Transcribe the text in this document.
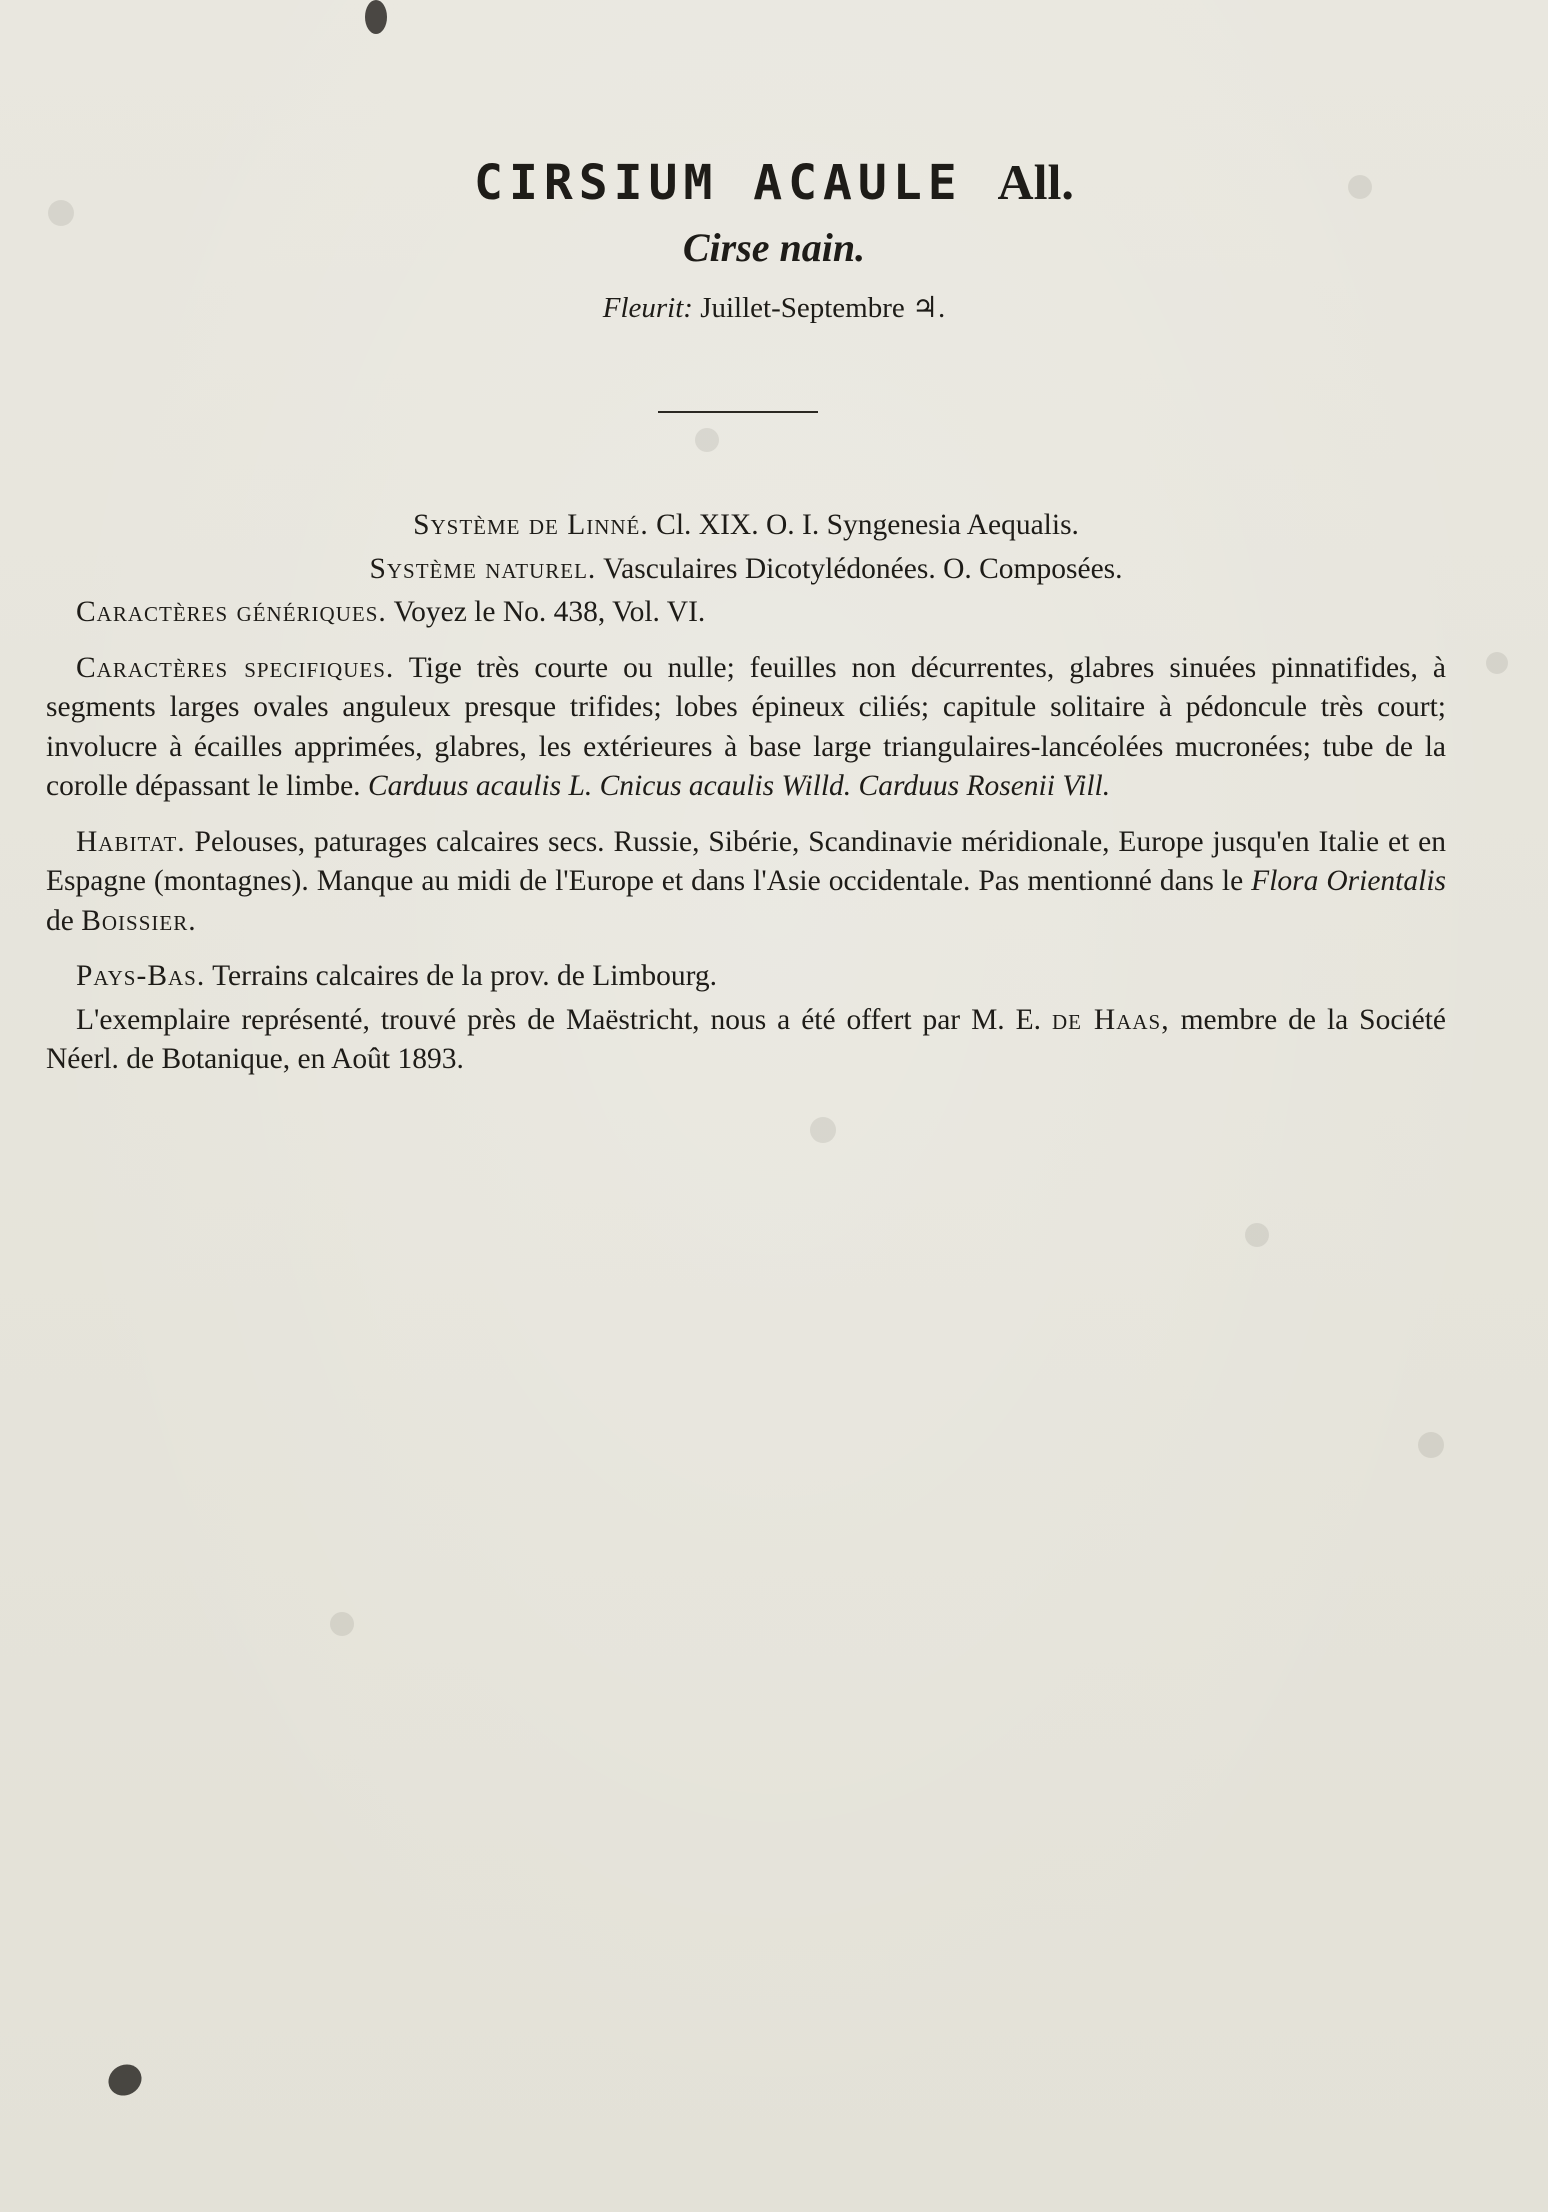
CIRSIUM ACAULE All.

Cirse nain.

Fleurit: Juillet-Septembre ♃.

Système de Linné. Cl. XIX. O. I. Syngenesia Aequalis.

Système naturel. Vasculaires Dicotylédonées. O. Composées.

Caractères génériques. Voyez le No. 438, Vol. VI.

Caractères specifiques. Tige très courte ou nulle; feuilles non décurrentes, glabres sinuées pinnatifides, à segments larges ovales anguleux presque trifides; lobes épineux ciliés; capitule solitaire à pédoncule très court; involucre à écailles apprimées, glabres, les extérieures à base large triangulaires-lancéolées mucronées; tube de la corolle dépassant le limbe. Carduus acaulis L. Cnicus acaulis Willd. Carduus Rosenii Vill.

Habitat. Pelouses, paturages calcaires secs. Russie, Sibérie, Scandinavie méridionale, Europe jusqu'en Italie et en Espagne (montagnes). Manque au midi de l'Europe et dans l'Asie occidentale. Pas mentionné dans le Flora Orientalis de Boissier.

Pays-Bas. Terrains calcaires de la prov. de Limbourg.

L'exemplaire représenté, trouvé près de Maëstricht, nous a été offert par M. E. de Haas, membre de la Société Néerl. de Botanique, en Août 1893.
